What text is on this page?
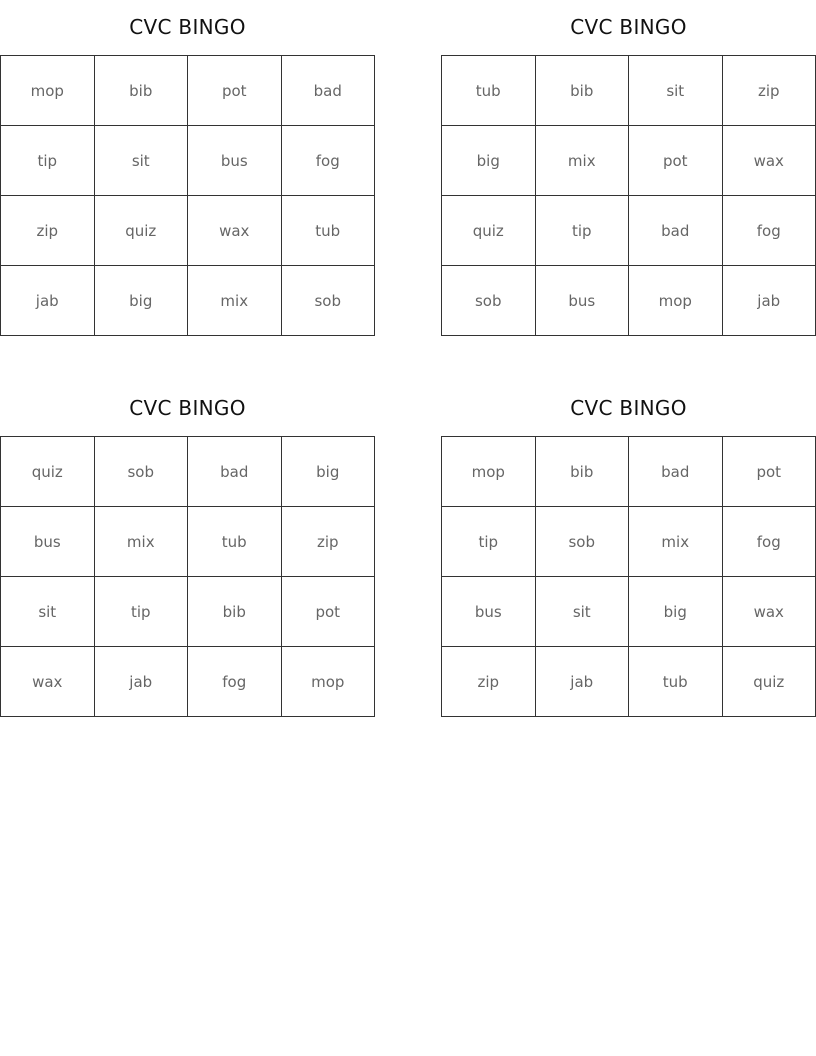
CVC BINGO
mop	bib	pot	bad
tip	sit	bus	fog
zip	quiz	wax	tub
jab	big	mix	sob
CVC BINGO
tub	bib	sit	zip
big	mix	pot	wax
quiz	tip	bad	fog
sob	bus	mop	jab
CVC BINGO
quiz	sob	bad	big
bus	mix	tub	zip
sit	tip	bib	pot
wax	jab	fog	mop
CVC BINGO
mop	bib	bad	pot
tip	sob	mix	fog
bus	sit	big	wax
zip	jab	tub	quiz
